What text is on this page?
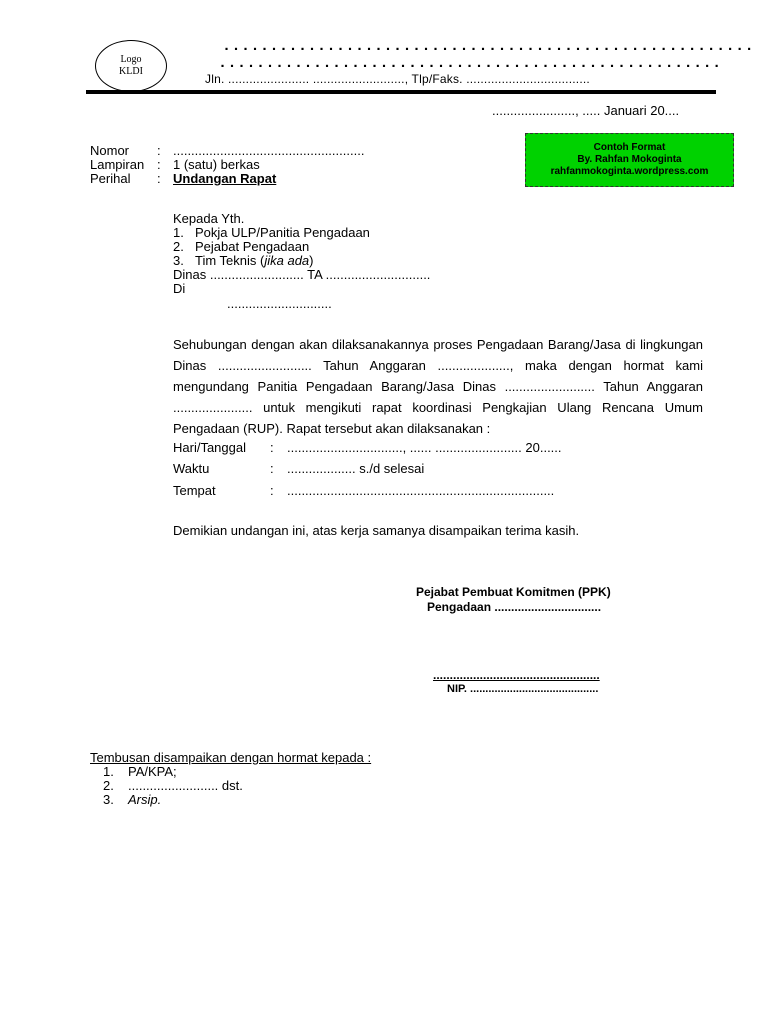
Logo
KLDI
........................................................
.....................................................
Jln. ....................... .........................., Tlp/Faks. ...................................
......................., ..... Januari 20....
Contoh Format
By. Rahfan Mokoginta
rahfanmokoginta.wordpress.com
Nomor : .....................................................
Lampiran : 1 (satu) berkas
Perihal : Undangan Rapat
Kepada Yth.
1. Pokja ULP/Panitia Pengadaan
2. Pejabat Pengadaan
3. Tim Teknis (jika ada)
Dinas .......................... TA .............................
Di
.............................
Sehubungan dengan akan dilaksanakannya proses Pengadaan Barang/Jasa di lingkungan Dinas .......................... Tahun Anggaran ...................., maka dengan hormat kami mengundang Panitia Pengadaan Barang/Jasa Dinas ......................... Tahun Anggaran ...................... untuk mengikuti rapat koordinasi Pengkajian Ulang Rencana Umum Pengadaan (RUP). Rapat tersebut akan dilaksanakan :
Hari/Tanggal : ................................, ...... ........................ 20......
Waktu	: ................... s./d selesai
Tempat	: ..........................................................................
Demikian undangan ini, atas kerja samanya disampaikan terima kasih.
Pejabat Pembuat Komitmen (PPK)
Pengadaan ................................
..................................................
NIP. ..........................................
Tembusan disampaikan dengan hormat kepada :
1. PA/KPA;
2. ......................... dst.
3. Arsip.
